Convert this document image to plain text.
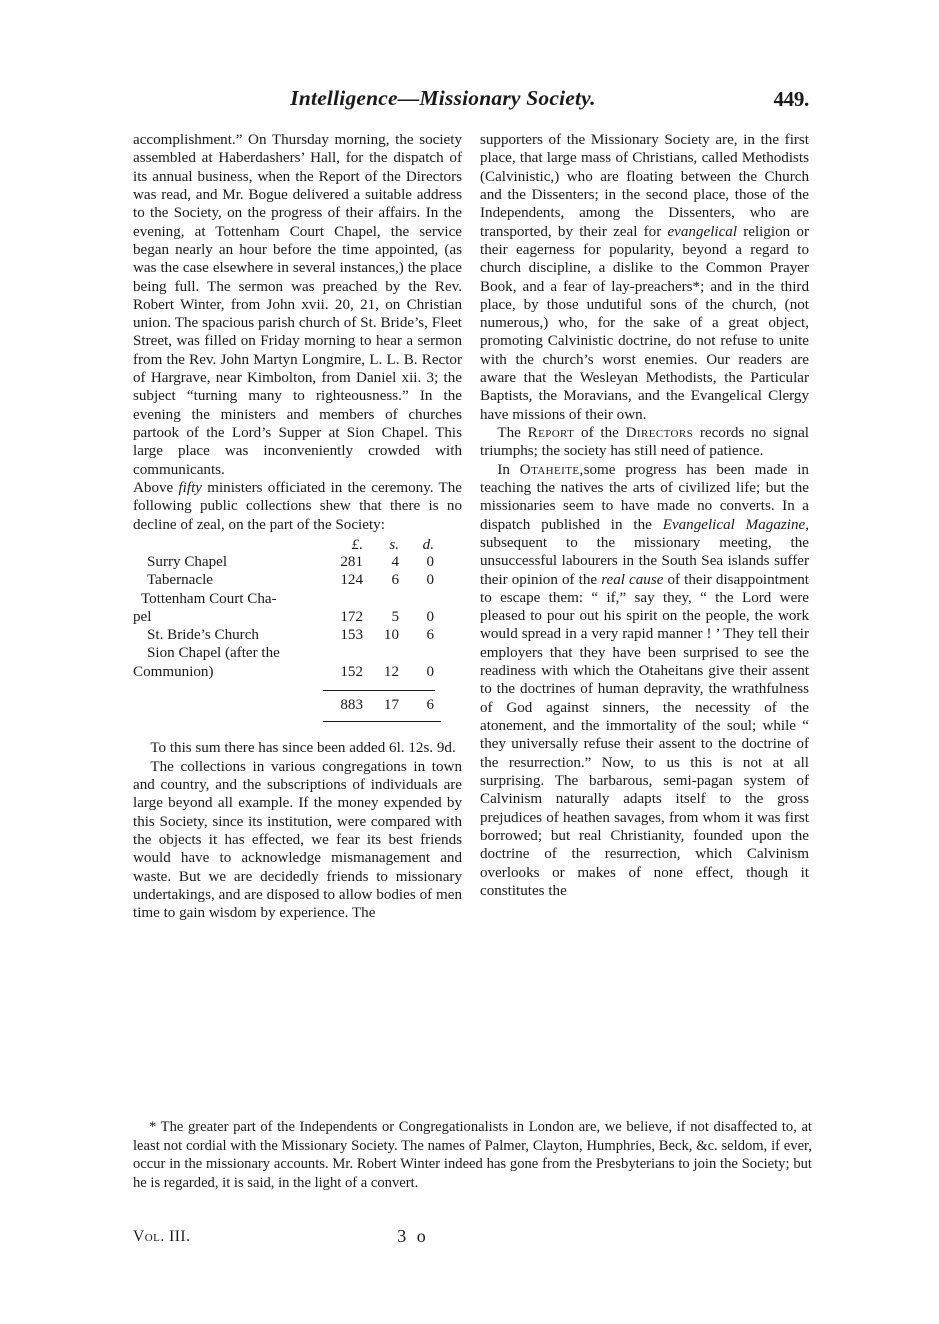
Intelligence—Missionary Society.	449.

accomplishment.” On Thursday morning, the society assembled at Haberdashers’ Hall, for the dispatch of its annual business, when the Report of the Directors was read, and Mr. Bogue delivered a suitable address to the Society, on the progress of their affairs. In the evening, at Tottenham Court Chapel, the service began nearly an hour before the time appointed, (as was the case elsewhere in several instances,) the place being full. The sermon was preached by the Rev. Robert Winter, from John xvii. 20, 21, on Christian union. The spacious parish church of St. Bride’s, Fleet Street, was filled on Friday morning to hear a sermon from the Rev. John Martyn Longmire, L. L. B. Rector of Hargrave, near Kimbolton, from Daniel xii. 3; the subject “turning many to righteousness.” In the evening the ministers and members of churches partook of the Lord’s Supper at Sion Chapel. This large place was inconveniently crowded with communicants.

Above fifty ministers officiated in the ceremony. The following public collections shew that there is no decline of zeal, on the part of the Society:

£.	s.	d.
Surry Chapel	281	4	0
Tabernacle	124	6	0
Tottenham Court Cha-
pel	172	5	0
St. Bride’s Church	153	10	6
Sion Chapel (after the
Communion)	152	12	0
883	17	6

To this sum there has since been added 6l. 12s. 9d.

The collections in various congregations in town and country, and the subscriptions of individuals are large beyond all example. If the money expended by this Society, since its institution, were compared with the objects it has effected, we fear its best friends would have to acknowledge mismanagement and waste. But we are decidedly friends to missionary undertakings, and are disposed to allow bodies of men time to gain wisdom by experience. The

supporters of the Missionary Society are, in the first place, that large mass of Christians, called Methodists (Calvinistic,) who are floating between the Church and the Dissenters; in the second place, those of the Independents, among the Dissenters, who are transported, by their zeal for evangelical religion or their eagerness for popularity, beyond a regard to church discipline, a dislike to the Common Prayer Book, and a fear of lay-preachers*; and in the third place, by those undutiful sons of the church, (not numerous,) who, for the sake of a great object, promoting Calvinistic doctrine, do not refuse to unite with the church’s worst enemies. Our readers are aware that the Wesleyan Methodists, the Particular Baptists, the Moravians, and the Evangelical Clergy have missions of their own.

The Report of the Directors records no signal triumphs; the society has still need of patience.

In Otaheite,some progress has been made in teaching the natives the arts of civilized life; but the missionaries seem to have made no converts. In a dispatch published in the Evangelical Magazine, subsequent to the missionary meeting, the unsuccessful labourers in the South Sea islands suffer their opinion of the real cause of their disappointment to escape them: “ if,” say they, “ the Lord were pleased to pour out his spirit on the people, the work would spread in a very rapid manner ! ’ They tell their employers that they have been surprised to see the readiness with which the Otaheitans give their assent to the doctrines of human depravity, the wrathfulness of God against sinners, the necessity of the atonement, and the immortality of the soul; while “ they universally refuse their assent to the doctrine of the resurrection.” Now, to us this is not at all surprising. The barbarous, semi-pagan system of Calvinism naturally adapts itself to the gross prejudices of heathen savages, from whom it was first borrowed; but real Christianity, founded upon the doctrine of the resurrection, which Calvinism overlooks or makes of none effect, though it constitutes the

* The greater part of the Independents or Congregationalists in London are, we believe, if not disaffected to, at least not cordial with the Missionary Society. The names of Palmer, Clayton, Humphries, Beck, &c. seldom, if ever, occur in the missionary accounts. Mr. Robert Winter indeed has gone from the Presbyterians to join the Society; but he is regarded, it is said, in the light of a convert.

Vol. III.	3 o
